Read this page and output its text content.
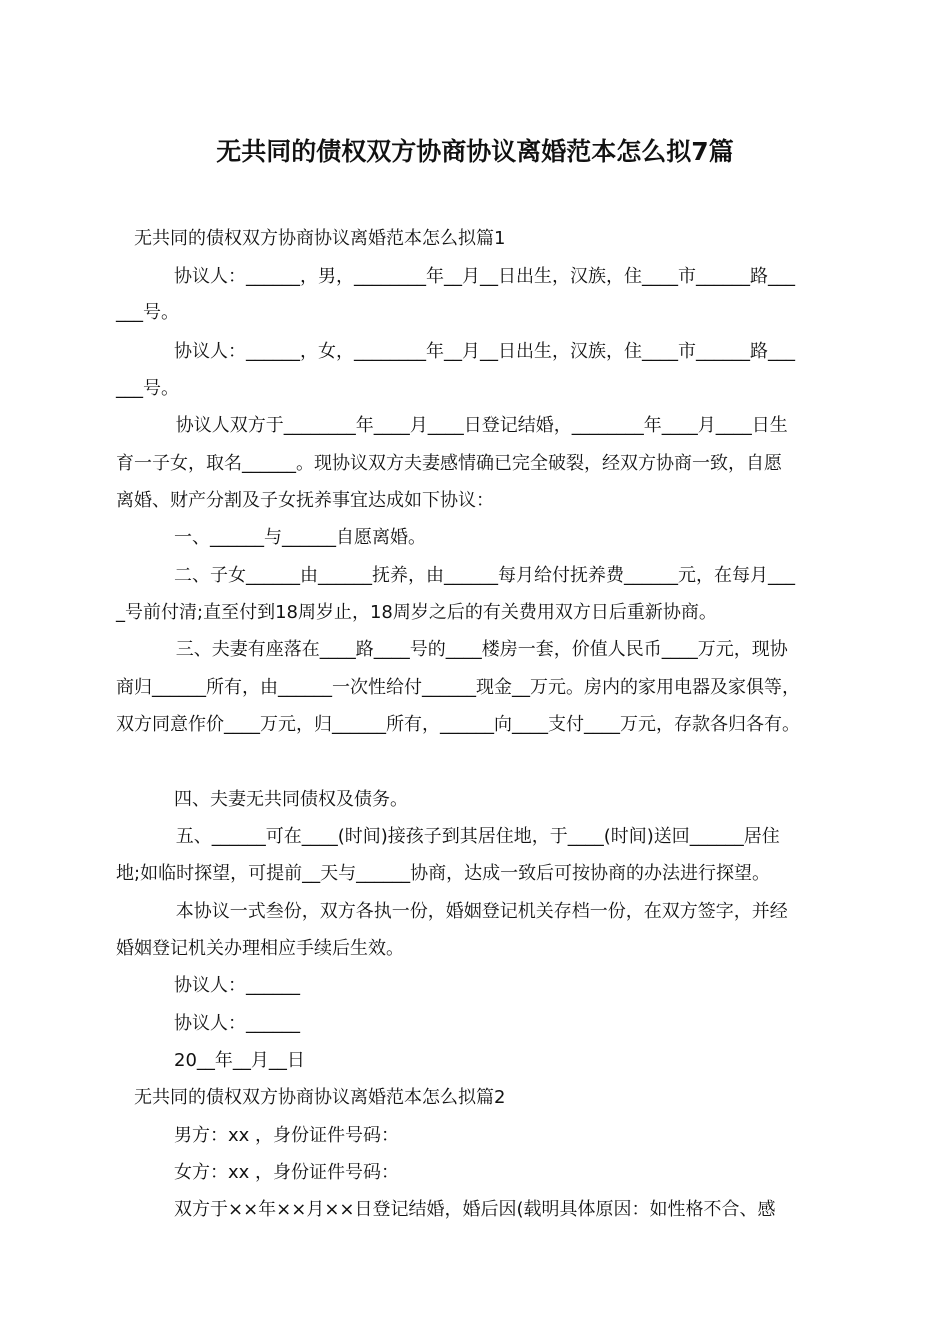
无共同的债权双方协商协议离婚范本怎么拟7篇

无共同的债权双方协商协议离婚范本怎么拟篇1

协议人：______，男，________年__月__日出生，汉族，住____市______路___

___号。

协议人：______，女，________年__月__日出生，汉族，住____市______路___

___号。

协议人双方于________年____月____日登记结婚，________年____月____日生

育一子女，取名______。现协议双方夫妻感情确已完全破裂，经双方协商一致，自愿

离婚、财产分割及子女抚养事宜达成如下协议：

一、______与______自愿离婚。

二、子女______由______抚养，由______每月给付抚养费______元，在每月___

_号前付清;直至付到18周岁止，18周岁之后的有关费用双方日后重新协商。

三、夫妻有座落在____路____号的____楼房一套，价值人民币____万元，现协

商归______所有，由______一次性给付______现金__万元。房内的家用电器及家俱等，

双方同意作价____万元，归______所有，______向____支付____万元，存款各归各有。

四、夫妻无共同债权及债务。

五、______可在____(时间)接孩子到其居住地，于____(时间)送回______居住

地;如临时探望，可提前__天与______协商，达成一致后可按协商的办法进行探望。

本协议一式叁份，双方各执一份，婚姻登记机关存档一份，在双方签字，并经

婚姻登记机关办理相应手续后生效。

协议人：______

协议人：______

20__年__月__日

无共同的债权双方协商协议离婚范本怎么拟篇2

男方：xx ，身份证件号码：

女方：xx ，身份证件号码：

双方于××年××月××日登记结婚，婚后因(载明具体原因：如性格不合、感
